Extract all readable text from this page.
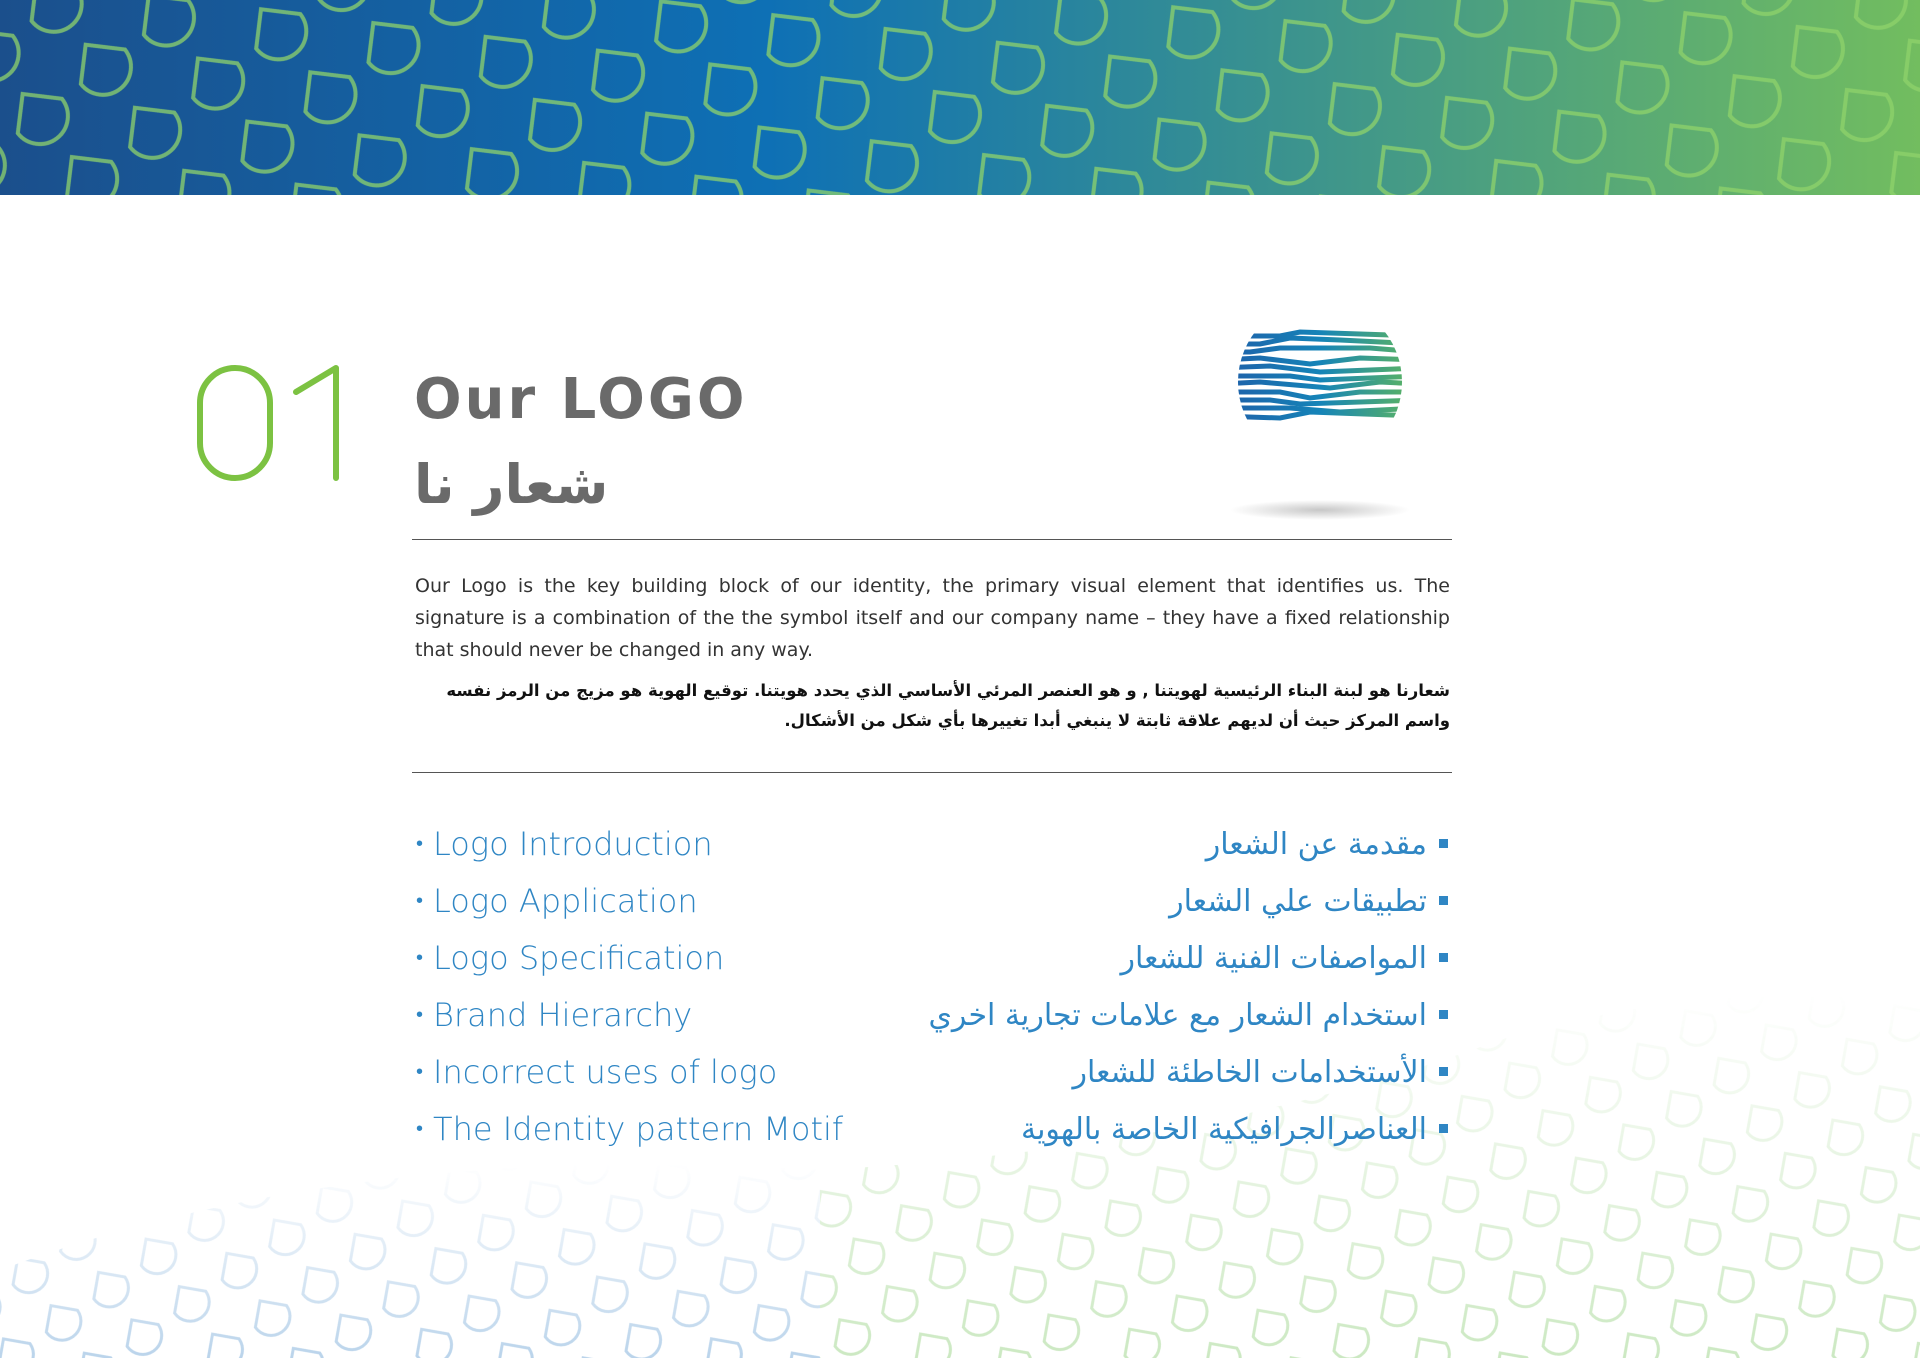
Our LOGO
شعار نا

Our Logo is the key building block of our identity, the primary visual element that identifies us. The signature is a combination of the the symbol itself and our company name – they have a fixed relationship that should never be changed in any way.

شعارنا هو لبنة البناء الرئيسية لهويتنا , و هو العنصر المرئي الأساسي الذي يحدد هويتنا. توقيع الهوية هو مزيج من الرمز نفسه واسم المركز حيث أن لديهم علاقة ثابتة لا ينبغي أبدا تغييرها بأي شكل من الأشكال.

• Logo Introduction
• Logo Application
• Logo Specification
• Brand Hierarchy
• Incorrect uses of logo
• The Identity pattern Motif
مقدمة عن الشعار
تطبيقات علي الشعار
المواصفات الفنية للشعار
استخدام الشعار مع علامات تجارية اخري
الأستخدامات الخاطئة للشعار
العناصرالجرافيكية الخاصة بالهوية
